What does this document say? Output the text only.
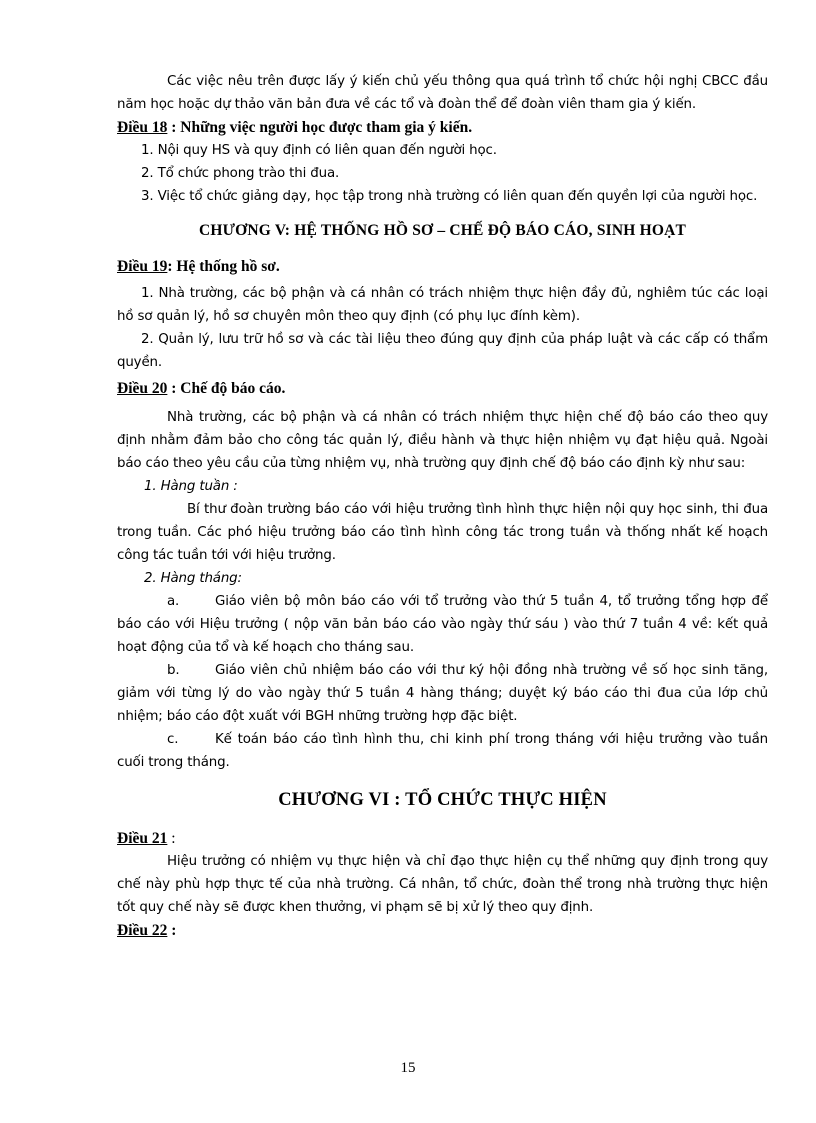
Các việc nêu trên được lấy ý kiến chủ yếu thông qua quá trình tổ chức hội nghị CBCC đầu năm học hoặc dự thảo văn bản đưa về các tổ và đoàn thể để đoàn viên tham gia ý kiến.

Điều 18 : Những việc người học được tham gia ý kiến.

1. Nội quy HS và quy định có liên quan đến người học.

2. Tổ chức phong trào thi đua.

3. Việc tổ chức giảng dạy, học tập trong nhà trường có liên quan đến quyền lợi của người học.

CHƯƠNG V: HỆ THỐNG HỒ SƠ – CHẾ ĐỘ BÁO CÁO, SINH HOẠT

Điều 19: Hệ thống hồ sơ.

1. Nhà trường, các bộ phận và cá nhân có trách nhiệm thực hiện đầy đủ, nghiêm túc các loại hồ sơ quản lý, hồ sơ chuyên môn theo quy định (có phụ lục đính kèm).

2. Quản lý, lưu trữ hồ sơ và các tài liệu theo đúng quy định của pháp luật và các cấp có thẩm quyền.

Điều 20 : Chế độ báo cáo.

Nhà trường, các bộ phận và cá nhân có trách nhiệm thực hiện chế độ báo cáo theo quy định nhằm đảm bảo cho công tác quản lý, điều hành và thực hiện nhiệm vụ đạt hiệu quả. Ngoài báo cáo theo yêu cầu của từng nhiệm vụ, nhà trường quy định chế độ báo cáo định kỳ như sau:

1. Hàng tuần :

Bí thư đoàn trường báo cáo với hiệu trưởng tình hình thực hiện nội quy học sinh, thi đua trong tuần. Các phó hiệu trưởng báo cáo tình hình công tác trong tuần và thống nhất kế hoạch công tác tuần tới với hiệu trưởng.

2. Hàng tháng:

a.	Giáo viên bộ môn báo cáo với tổ trưởng vào thứ 5 tuần 4, tổ trưởng tổng hợp để báo cáo với Hiệu trưởng ( nộp văn bản báo cáo vào ngày thứ sáu ) vào thứ 7 tuần 4 về: kết quả hoạt động của tổ và kế hoạch cho tháng sau.

b.	Giáo viên chủ nhiệm báo cáo với thư ký hội đồng nhà trường về số học sinh tăng, giảm với từng lý do vào ngày thứ 5 tuần 4 hàng tháng; duyệt ký báo cáo thi đua của lớp chủ nhiệm; báo cáo đột xuất với BGH những trường hợp đặc biệt.

c.	Kế toán báo cáo tình hình thu, chi kinh phí trong tháng với hiệu trưởng vào tuần cuối trong tháng.

CHƯƠNG VI : TỔ CHỨC THỰC HIỆN

Điều 21 :

Hiệu trưởng có nhiệm vụ thực hiện và chỉ đạo thực hiện cụ thể những quy định trong quy chế này phù hợp thực tế của nhà trường. Cá nhân, tổ chức, đoàn thể trong nhà trường thực hiện tốt quy chế này sẽ được khen thưởng, vi phạm sẽ bị xử lý theo quy định.

Điều 22 :

15
